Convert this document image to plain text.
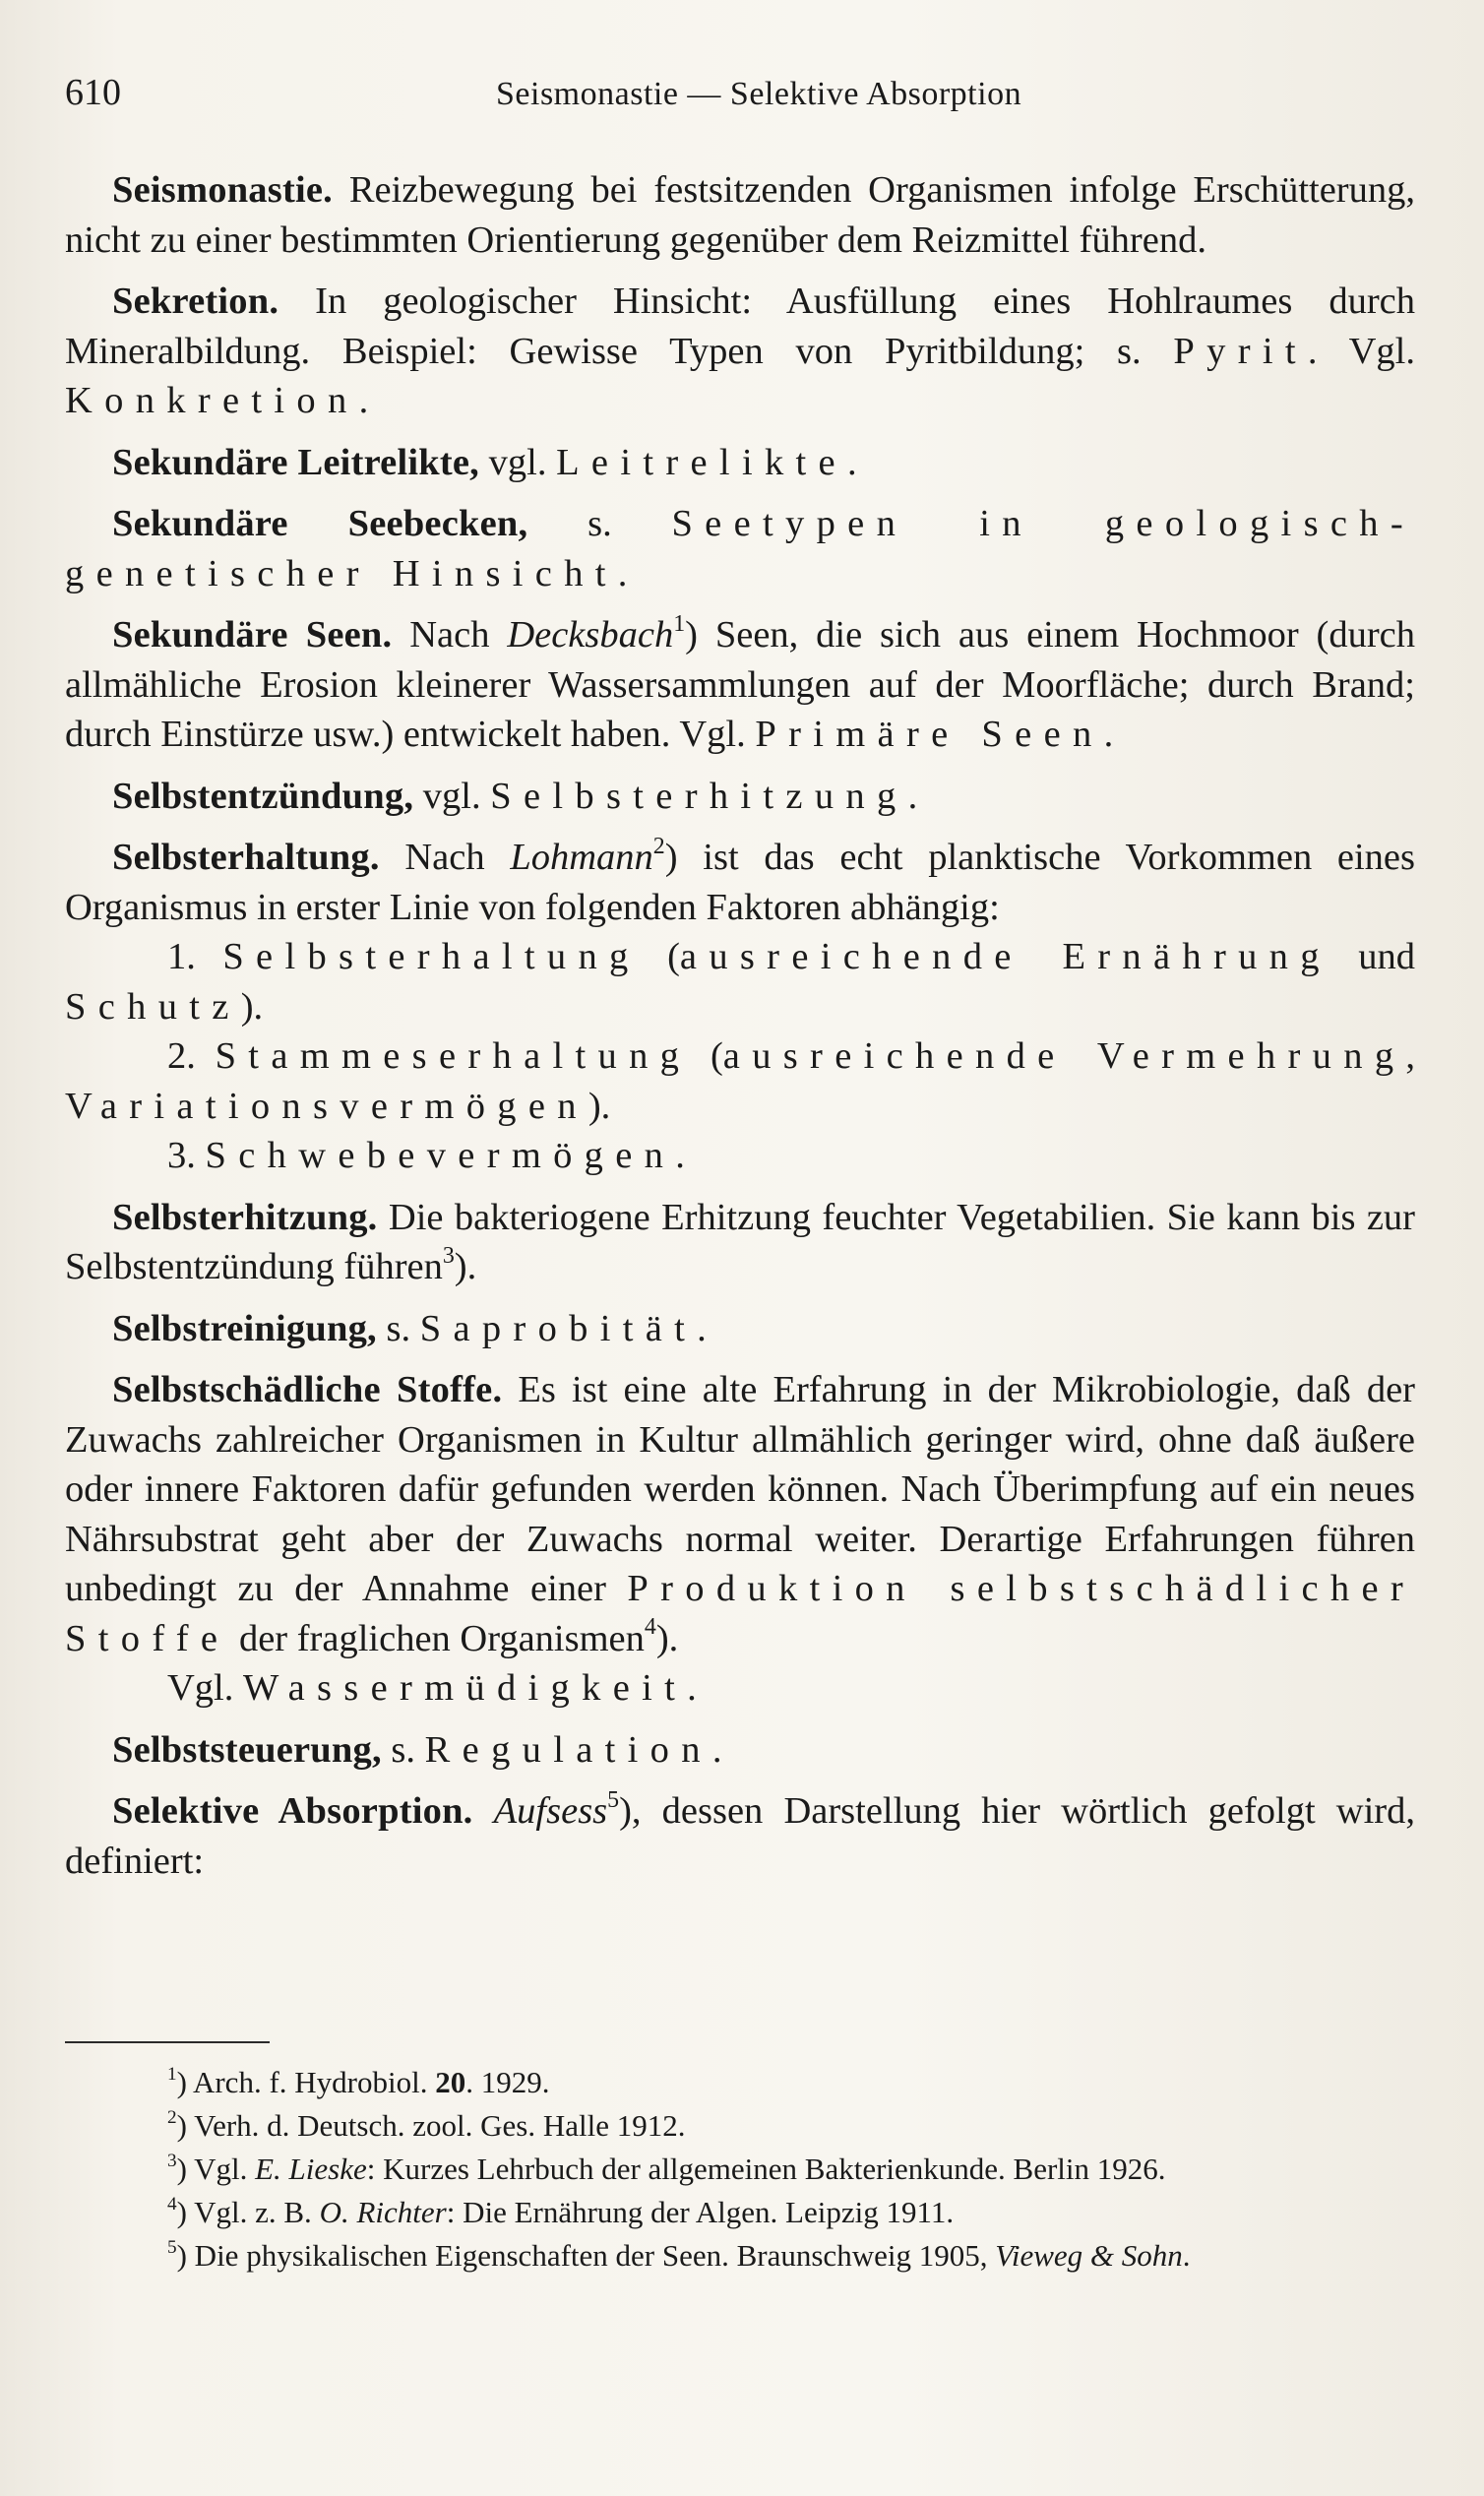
610	Seismonastie — Selektive Absorption

Seismonastie. Reizbewegung bei festsitzenden Organismen infolge Erschütterung, nicht zu einer bestimmten Orientierung gegenüber dem Reizmittel führend.

Sekretion. In geologischer Hinsicht: Ausfüllung eines Hohlraumes durch Mineralbildung. Beispiel: Gewisse Typen von Pyritbildung; s. Pyrit. Vgl. Konkretion.

Sekundäre Leitrelikte, vgl. Leitrelikte.

Sekundäre Seebecken, s. Seetypen in geologisch-genetischer Hinsicht.

Sekundäre Seen. Nach Decksbach$^1$) Seen, die sich aus einem Hochmoor (durch allmähliche Erosion kleinerer Wassersammlungen auf der Moorfläche; durch Brand; durch Einstürze usw.) entwickelt haben. Vgl. Primäre Seen.

Selbstentzündung, vgl. Selbsterhitzung.

Selbsterhaltung. Nach Lohmann$^2$) ist das echt planktische Vorkommen eines Organismus in erster Linie von folgenden Faktoren abhängig:

1. Selbsterhaltung (ausreichende Ernährung und Schutz).

2. Stammeserhaltung (ausreichende Vermehrung, Variationsvermögen).

3. Schwebevermögen.

Selbsterhitzung. Die bakteriogene Erhitzung feuchter Vegetabilien. Sie kann bis zur Selbstentzündung führen$^3$).

Selbstreinigung, s. Saprobität.

Selbstschädliche Stoffe. Es ist eine alte Erfahrung in der Mikrobiologie, daß der Zuwachs zahlreicher Organismen in Kultur allmählich geringer wird, ohne daß äußere oder innere Faktoren dafür gefunden werden können. Nach Überimpfung auf ein neues Nährsubstrat geht aber der Zuwachs normal weiter. Derartige Erfahrungen führen unbedingt zu der Annahme einer Produktion selbstschädlicher Stoffe der fraglichen Organismen$^4$).

Vgl. Wassermüdigkeit.

Selbststeuerung, s. Regulation.

Selektive Absorption. Aufsess$^5$), dessen Darstellung hier wörtlich gefolgt wird, definiert:

$^1$) Arch. f. Hydrobiol. 20. 1929.

$^2$) Verh. d. Deutsch. zool. Ges. Halle 1912.

$^3$) Vgl. E. Lieske: Kurzes Lehrbuch der allgemeinen Bakterienkunde. Berlin 1926.

$^4$) Vgl. z. B. O. Richter: Die Ernährung der Algen. Leipzig 1911.

$^5$) Die physikalischen Eigenschaften der Seen. Braunschweig 1905, Vieweg & Sohn.
